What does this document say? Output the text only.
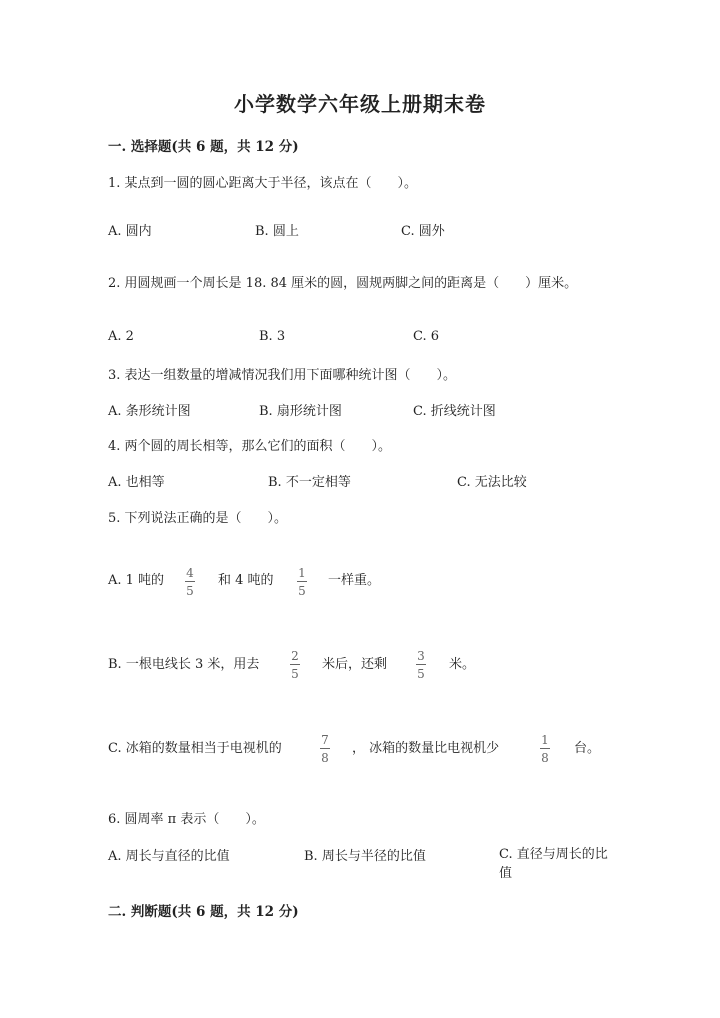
小学数学六年级上册期末卷
一. 选择题(共 6 题，共 12 分)
1. 某点到一圆的圆心距离大于半径，该点在（　　）。
A. 圆内	B. 圆上	C. 圆外
2. 用圆规画一个周长是 18. 84 厘米的圆，圆规两脚之间的距离是（　　）厘米。
A. 2	B. 3	C. 6
3. 表达一组数量的增减情况我们用下面哪种统计图（　　）。
A. 条形统计图	B. 扇形统计图	C. 折线统计图
4. 两个圆的周长相等，那么它们的面积（　　）。
A. 也相等	B. 不一定相等	C. 无法比较
5. 下列说法正确的是（　　）。
A. 1 吨的 4
5
和 4 吨的 1
5
一样重。
B. 一根电线长 3 米，用去
2
5
米后，还剩
3
5
米。
C. 冰箱的数量相当于电视机的
7
8
， 冰箱的数量比电视机少
1
8
台。
6. 圆周率 π 表示（　　）。
A. 周长与直径的比值	B. 周长与半径的比值	C. 直径与周长的比值
二. 判断题(共 6 题，共 12 分)
